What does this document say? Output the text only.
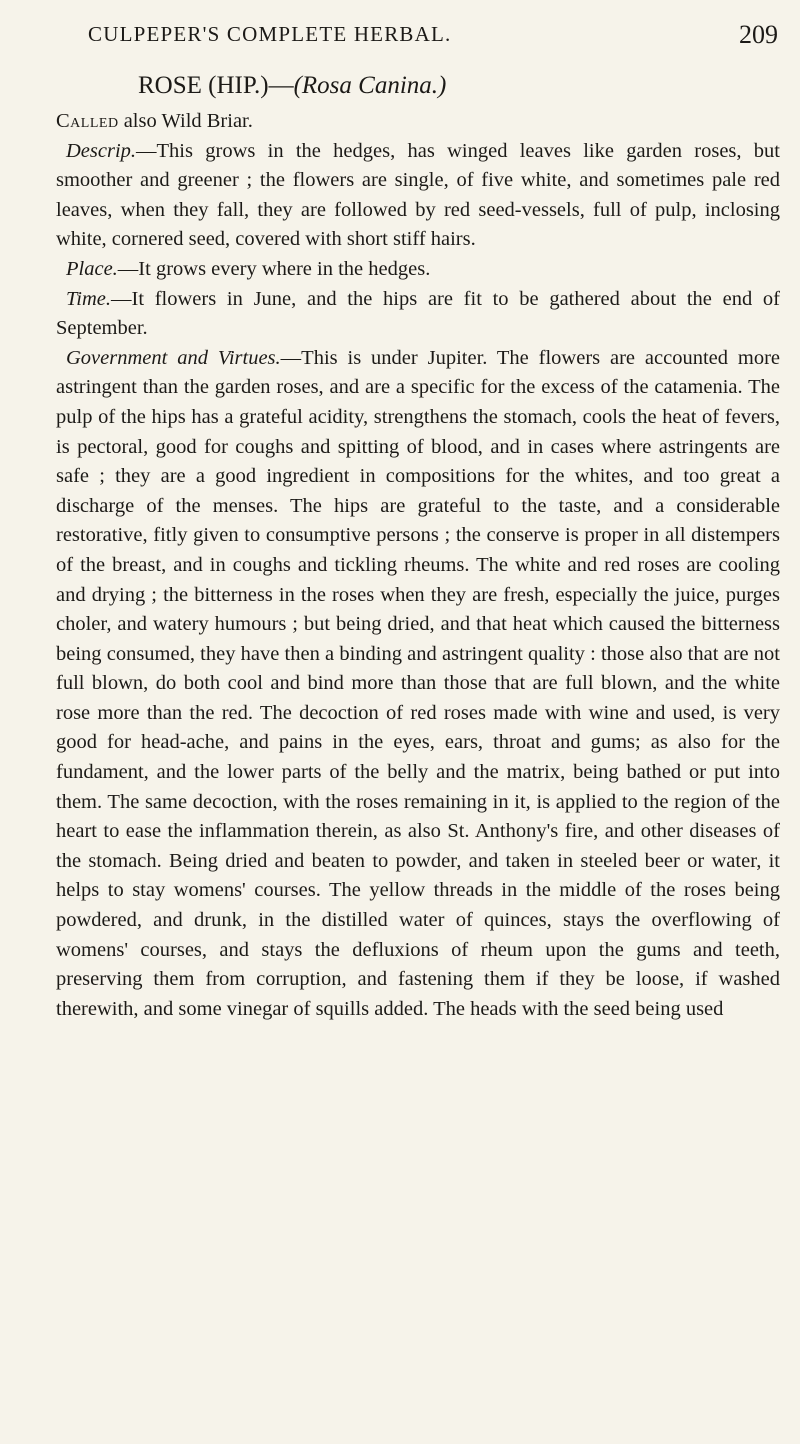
CULPEPER'S COMPLETE HERBAL.	209
ROSE (HIP.)—(Rosa Canina.)

Called also Wild Briar.

Descrip.—This grows in the hedges, has winged leaves like garden roses, but smoother and greener ; the flowers are single, of five white, and sometimes pale red leaves, when they fall, they are followed by red seed-vessels, full of pulp, inclosing white, cornered seed, covered with short stiff hairs.

Place.—It grows every where in the hedges.

Time.—It flowers in June, and the hips are fit to be gathered about the end of September.

Government and Virtues.—This is under Jupiter. The flowers are accounted more astringent than the garden roses, and are a specific for the excess of the catamenia. The pulp of the hips has a grateful acidity, strengthens the stomach, cools the heat of fevers, is pectoral, good for coughs and spitting of blood, and in cases where astringents are safe ; they are a good ingredient in compositions for the whites, and too great a discharge of the menses. The hips are grateful to the taste, and a considerable restorative, fitly given to consumptive persons ; the conserve is proper in all distempers of the breast, and in coughs and tickling rheums. The white and red roses are cooling and drying ; the bitterness in the roses when they are fresh, especially the juice, purges choler, and watery humours ; but being dried, and that heat which caused the bitterness being consumed, they have then a binding and astringent quality : those also that are not full blown, do both cool and bind more than those that are full blown, and the white rose more than the red. The decoction of red roses made with wine and used, is very good for head-ache, and pains in the eyes, ears, throat and gums; as also for the fundament, and the lower parts of the belly and the matrix, being bathed or put into them. The same decoction, with the roses remaining in it, is applied to the region of the heart to ease the inflammation therein, as also St. Anthony's fire, and other diseases of the stomach. Being dried and beaten to powder, and taken in steeled beer or water, it helps to stay womens' courses. The yellow threads in the middle of the roses being powdered, and drunk, in the distilled water of quinces, stays the overflowing of womens' courses, and stays the defluxions of rheum upon the gums and teeth, preserving them from corruption, and fastening them if they be loose, if washed therewith, and some vinegar of squills added. The heads with the seed being used
